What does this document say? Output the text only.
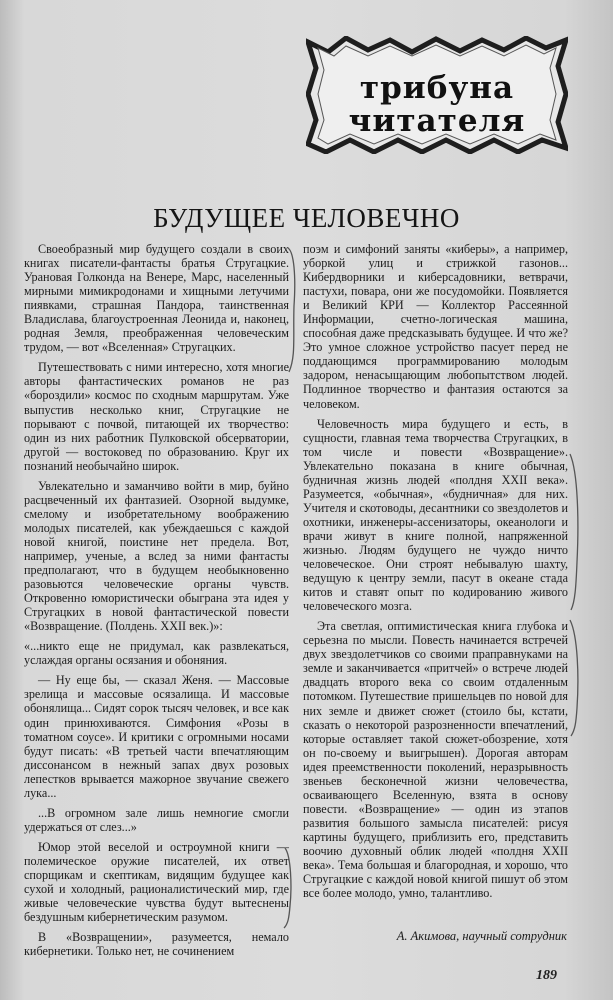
трибуна
читателя
БУДУЩЕЕ ЧЕЛОВЕЧНО

Своеобразный мир будущего создали в своих книгах писатели-фантасты братья Стругацкие. Урановая Голконда на Венере, Марс, населенный мирными мимикродонами и хищными летучими пиявками, страшная Пандора, таинственная Владислава, благоустроенная Леонида и, наконец, родная Земля, преображенная человеческим трудом, — вот «Вселенная» Стругацких.

Путешествовать с ними интересно, хотя многие авторы фантастических романов не раз «бороздили» космос по сходным маршрутам. Уже выпустив несколько книг, Стругацкие не порывают с почвой, питающей их творчество: один из них работник Пулковской обсерватории, другой — востоковед по образованию. Круг их познаний необычайно широк.

Увлекательно и заманчиво войти в мир, буйно расцвеченный их фантазией. Озорной выдумке, смелому и изобретательному воображению молодых писателей, как убеждаешься с каждой новой книгой, поистине нет предела. Вот, например, ученые, а вслед за ними фантасты предполагают, что в будущем необыкновенно разовьются человеческие органы чувств. Откровенно юмористически обыграна эта идея у Стругацких в новой фантастической повести «Возвращение. (Полдень. XXII век.)»:

«...никто еще не придумал, как развлекаться, услаждая органы осязания и обоняния.

— Ну еще бы, — сказал Женя. — Массовые зрелища и массовые осязалища. И массовые обонялища... Сидят сорок тысяч человек, и все как один принюхиваются. Симфония «Розы в томатном соусе». И критики с огромными носами будут писать: «В третьей части впечатляющим диссонансом в нежный запах двух розовых лепестков врывается мажорное звучание свежего лука...

...В огромном зале лишь немногие смогли удержаться от слез...»

Юмор этой веселой и остроумной книги — полемическое оружие писателей, их ответ спорщикам и скептикам, видящим будущее как сухой и холодный, рационалистический мир, где живые человеческие чувства будут вытеснены бездушным кибернетическим разумом.

В «Возвращении», разумеется, немало кибернетики. Только нет, не сочинением

поэм и симфоний заняты «киберы», а например, уборкой улиц и стрижкой газонов... Кибердворники и киберсадовники, ветврачи, пастухи, повара, они же посудомойки. Появляется и Великий КРИ — Коллектор Рассеянной Информации, счетно-логическая машина, способная даже предсказывать будущее. И что же? Это умное сложное устройство пасует перед не поддающимся программированию молодым задором, ненасыщающим любопытством людей. Подлинное творчество и фантазия остаются за человеком.

Человечность мира будущего и есть, в сущности, главная тема творчества Стругацких, в том числе и повести «Возвращение». Увлекательно показана в книге обычная, будничная жизнь людей «полдня XXII века». Разумеется, «обычная», «будничная» для них. Учителя и скотоводы, десантники со звездолетов и охотники, инженеры-ассенизаторы, океанологи и врачи живут в книге полной, напряженной жизнью. Людям будущего не чуждо ничто человеческое. Они строят небывалую шахту, ведущую к центру земли, пасут в океане стада китов и ставят опыт по кодированию живого человеческого мозга.

Эта светлая, оптимистическая книга глубока и серьезна по мысли. Повесть начинается встречей двух звездолетчиков со своими праправнуками на земле и заканчивается «притчей» о встрече людей двадцать второго века со своим отдаленным потомком. Путешествие пришельцев по новой для них земле и движет сюжет (стоило бы, кстати, сказать о некоторой разрозненности впечатлений, которые оставляет такой сюжет-обозрение, хотя он по-своему и выигрышен). Дорогая авторам идея преемственности поколений, неразрывность звеньев бесконечной жизни человечества, осваивающего Вселенную, взята в основу повести. «Возвращение» — один из этапов развития большого замысла писателей: рисуя картины будущего, приблизить его, представить воочию духовный облик людей «полдня XXII века». Тема большая и благородная, и хорошо, что Стругацкие с каждой новой книгой пишут об этом все более молодо, умно, талантливо.

А. Акимова, научный сотрудник
189
